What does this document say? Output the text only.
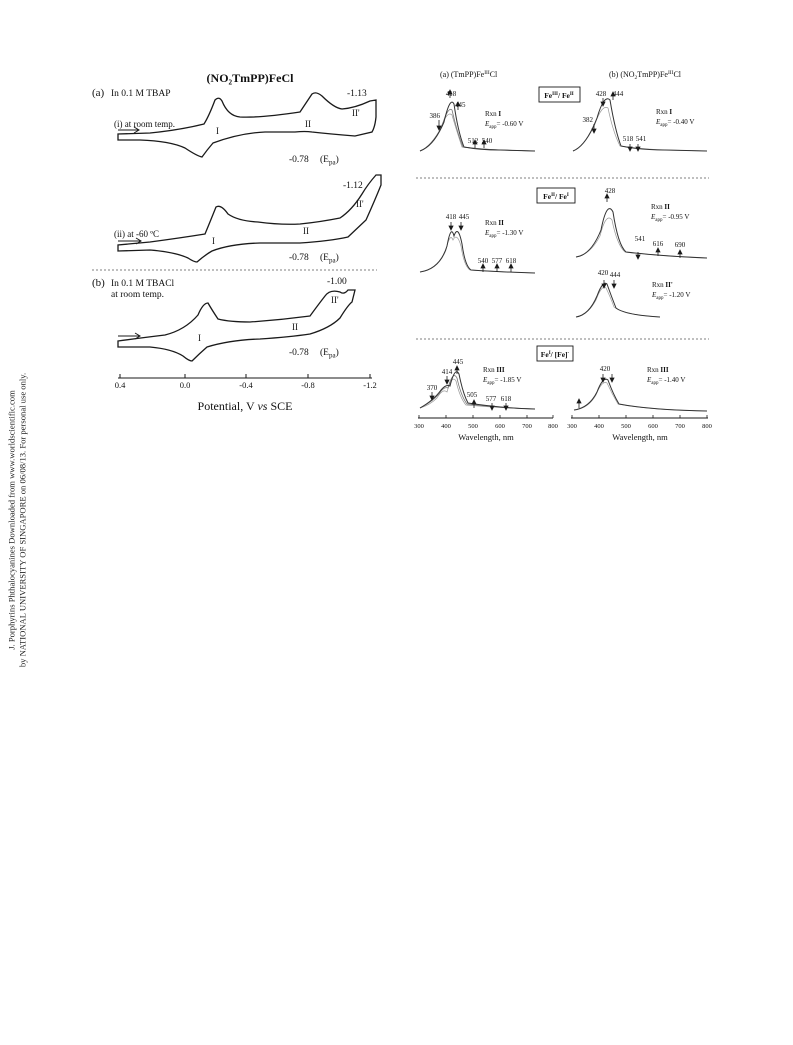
J. Porphyrins Phthalocyanines Downloaded from www.worldscientific.com by NATIONAL UNIVERSITY OF SINGAPORE on 06/08/13. For personal use only.
(NO₂TmPP)FeCl
(a) In 0.1 M TBAP
(i) at room temp.
I
II
II'
-1.13
-0.78 $(E_{pa})$
(ii) at -60 ºC
I
II
II'
-1.12
-0.78 $(E_{pa})$
(b) In 0.1 M TBACl
at room temp.
I
II
II'
-1.00
-0.78 $(E_{pa})$
0.4	0.0	-0.4	-0.8	-1.2
Potential, V vs SCE
(a) $(TmPP)Fe^{III}Cl$	(b) $(NO_2TmPP)Fe^{III}Cl$
$Fe^{III}/$ $Fe^{II}$
386
418
445
512 540
Rxn I
$E_{app}= -0.60$ V	382
428 444
518 541
Rxn I
$E_{app}= -0.40$ V
$Fe^{II}/$ $Fe^I$
418 445
540 577 618
Rxn II
$E_{app}= -1.30$ V
428
541
616 690
Rxn II
$E_{app}= -0.95$ V
420 444
Rxn II'
$E_{app}= -1.20$ V
$Fe^I/$ [Fe]-
370
414
445
505 577 618
Rxn III
$E_{app}= -1.85$ V
420	Rxn III
$E_{app}= -1.40$ V
300	400	500	600	700	800
Wavelength, nm
300	400	500	600	700	800
Wavelength, nm
